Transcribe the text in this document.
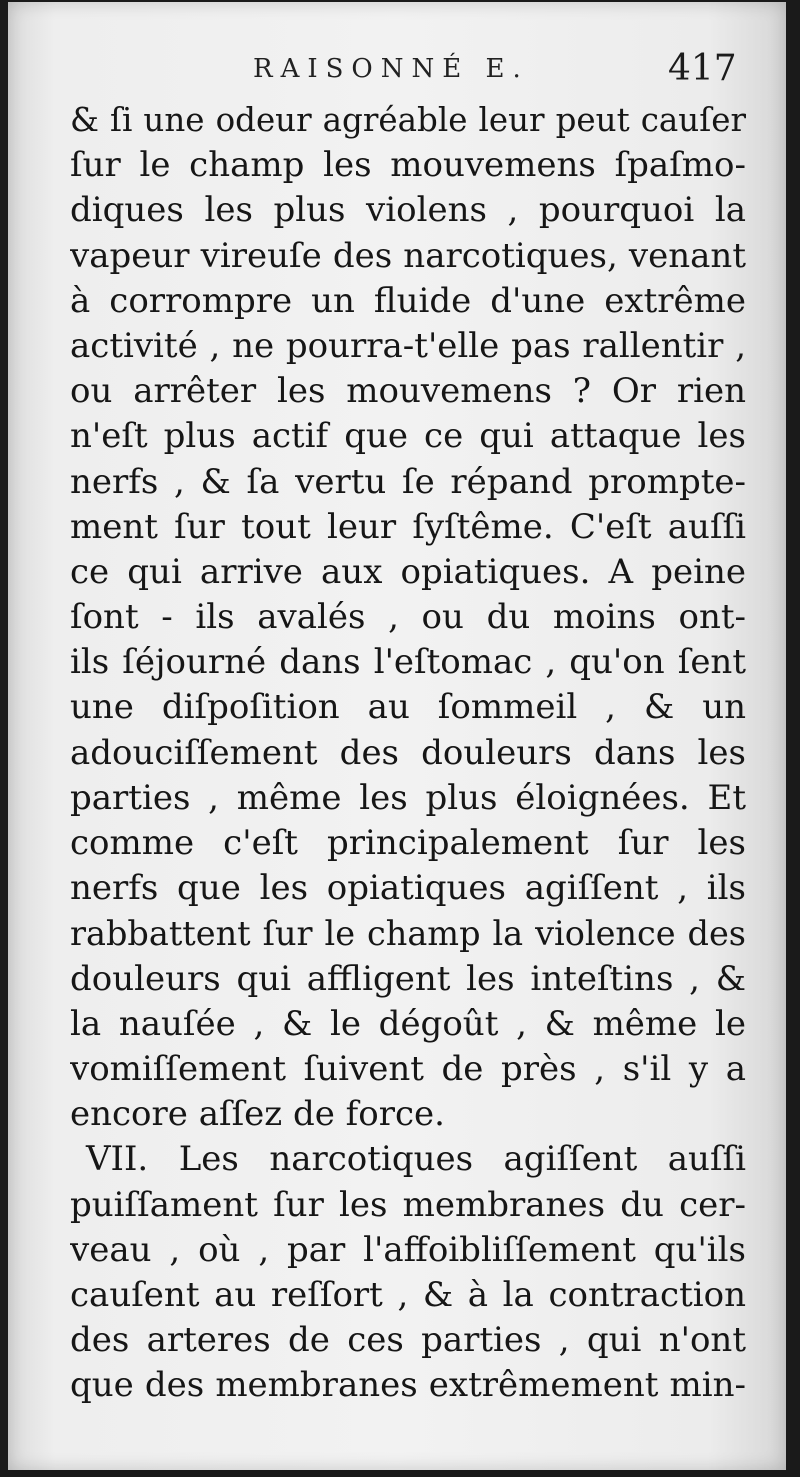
RAISONNÉ E.	417
& ſi une odeur agréable leur peut cauſer
ſur le champ les mouvemens ſpaſmo-
diques les plus violens , pourquoi la
vapeur vireuſe des narcotiques, venant
à corrompre un fluide d'une extrême
activité , ne pourra-t'elle pas rallentir ,
ou arrêter les mouvemens ? Or rien
n'eſt plus actif que ce qui attaque les
nerfs , & ſa vertu ſe répand prompte-
ment ſur tout leur ſyſtême. C'eſt auſſi
ce qui arrive aux opiatiques. A peine
ſont - ils avalés , ou du moins ont-
ils ſéjourné dans l'eſtomac , qu'on ſent
une diſpoſition au ſommeil , & un
adouciſſement des douleurs dans les
parties , même les plus éloignées. Et
comme c'eſt principalement ſur les
nerfs que les opiatiques agiſſent , ils
rabbattent ſur le champ la violence des
douleurs qui affligent les inteſtins , &
la nauſée , & le dégoût , & même le
vomiſſement ſuivent de près , s'il y a
encore aſſez de force.
VII. Les narcotiques agiſſent auſſi
puiſſament ſur les membranes du cer-
veau , où , par l'affoibliſſement qu'ils
cauſent au reſſort , & à la contraction
des arteres de ces parties , qui n'ont
que des membranes extrêmement min-
